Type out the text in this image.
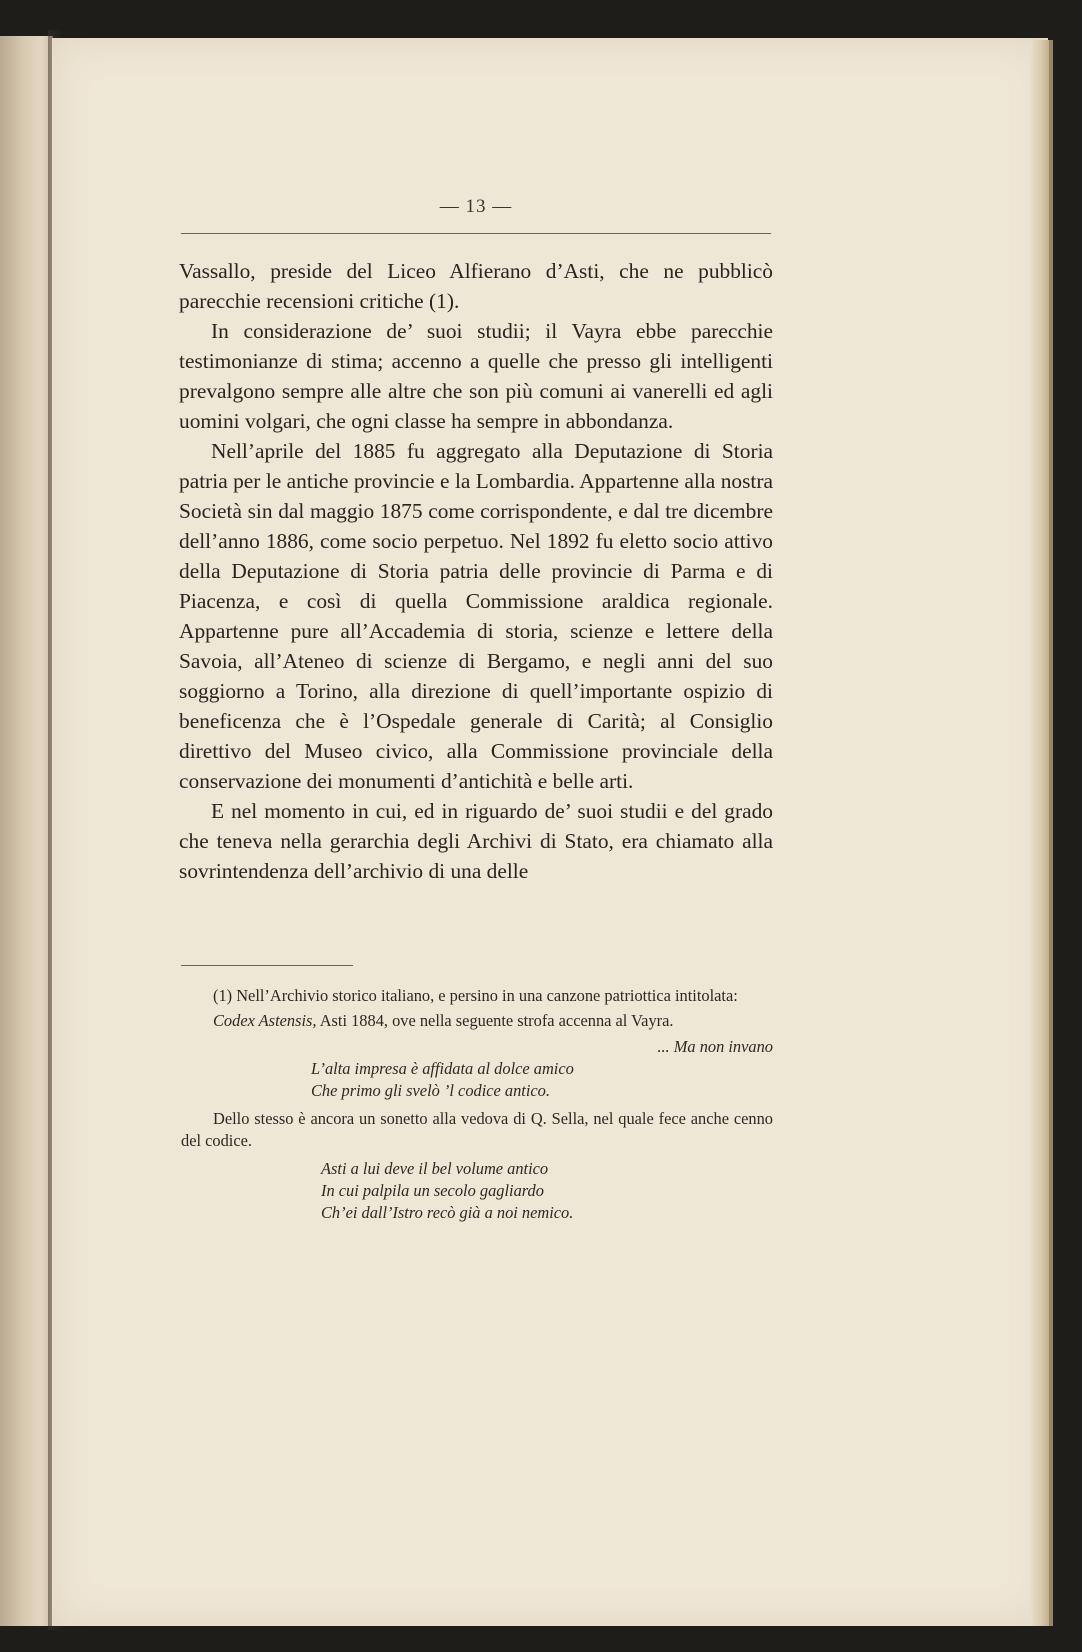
— 13 —

Vassallo, preside del Liceo Alfierano d’Asti, che ne pubblicò parecchie recensioni critiche (1).

In considerazione de’ suoi studii; il Vayra ebbe parecchie testimonianze di stima; accenno a quelle che presso gli intelligenti prevalgono sempre alle altre che son più comuni ai vanerelli ed agli uomini volgari, che ogni classe ha sempre in abbondanza.

Nell’aprile del 1885 fu aggregato alla Deputazione di Storia patria per le antiche provincie e la Lombardia. Appartenne alla nostra Società sin dal maggio 1875 come corrispondente, e dal tre dicembre dell’anno 1886, come socio perpetuo. Nel 1892 fu eletto socio attivo della Deputazione di Storia patria delle provincie di Parma e di Piacenza, e così di quella Commissione araldica regionale. Appartenne pure all’Accademia di storia, scienze e lettere della Savoia, all’Ateneo di scienze di Bergamo, e negli anni del suo soggiorno a Torino, alla direzione di quell’importante ospizio di beneficenza che è l’Ospedale generale di Carità; al Consiglio direttivo del Museo civico, alla Commissione provinciale della conservazione dei monumenti d’antichità e belle arti.

E nel momento in cui, ed in riguardo de’ suoi studii e del grado che teneva nella gerarchia degli Archivi di Stato, era chiamato alla sovrintendenza dell’archivio di una delle

(1) Nell’Archivio storico italiano, e persino in una canzone patriottica intitolata:

Codex Astensis, Asti 1884, ove nella seguente strofa accenna al Vayra.

... Ma non invano
L’alta impresa è affidata al dolce amico
Che primo gli svelò ’l codice antico.

Dello stesso è ancora un sonetto alla vedova di Q. Sella, nel quale fece anche cenno del codice.

Asti a lui deve il bel volume antico
In cui palpila un secolo gagliardo
Ch’ei dall’Istro recò già a noi nemico.
